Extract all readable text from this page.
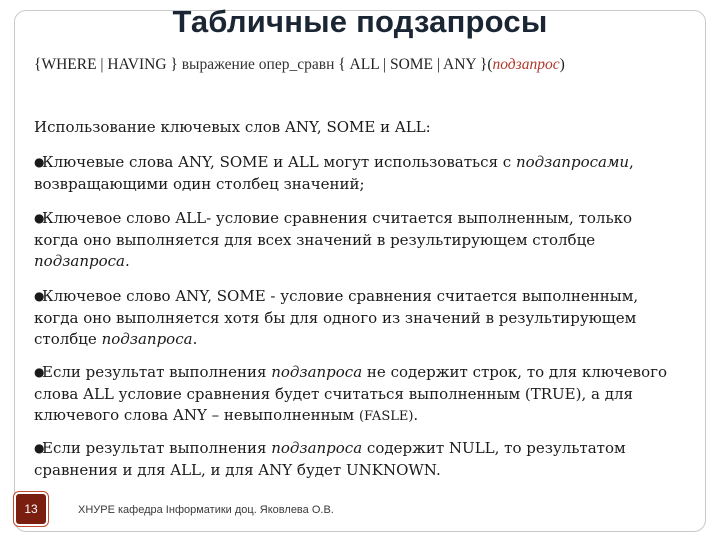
Табличные подзапросы
{WHERE | HAVING } выражение опер_сравн { ALL | SOME | ANY }(подзапрос)
Использование ключевых слов ANY, SOME и ALL:
●Ключевые слова ANY, SOME и ALL могут использоваться с подзапросами, возвращающими один столбец значений;
●Ключевое слово ALL- условие сравнения считается выполненным, только когда оно выполняется для всех значений в результирующем столбце подзапроса.
●Ключевое слово ANY, SOME - условие сравнения считается выполненным, когда оно выполняется хотя бы для одного из значений в результирующем столбце подзапроса.
●Если результат выполнения подзапроса не содержит строк, то для ключевого слова ALL условие сравнения будет считаться выполненным (TRUE), а для ключевого слова ANY – невыполненным (FASLE).
●Если результат выполнения подзапроса содержит NULL, то результатом сравнения и для ALL, и для ANY будет UNKNOWN.
13	ХНУРЕ кафедра Інформатики доц. Яковлева О.В.
